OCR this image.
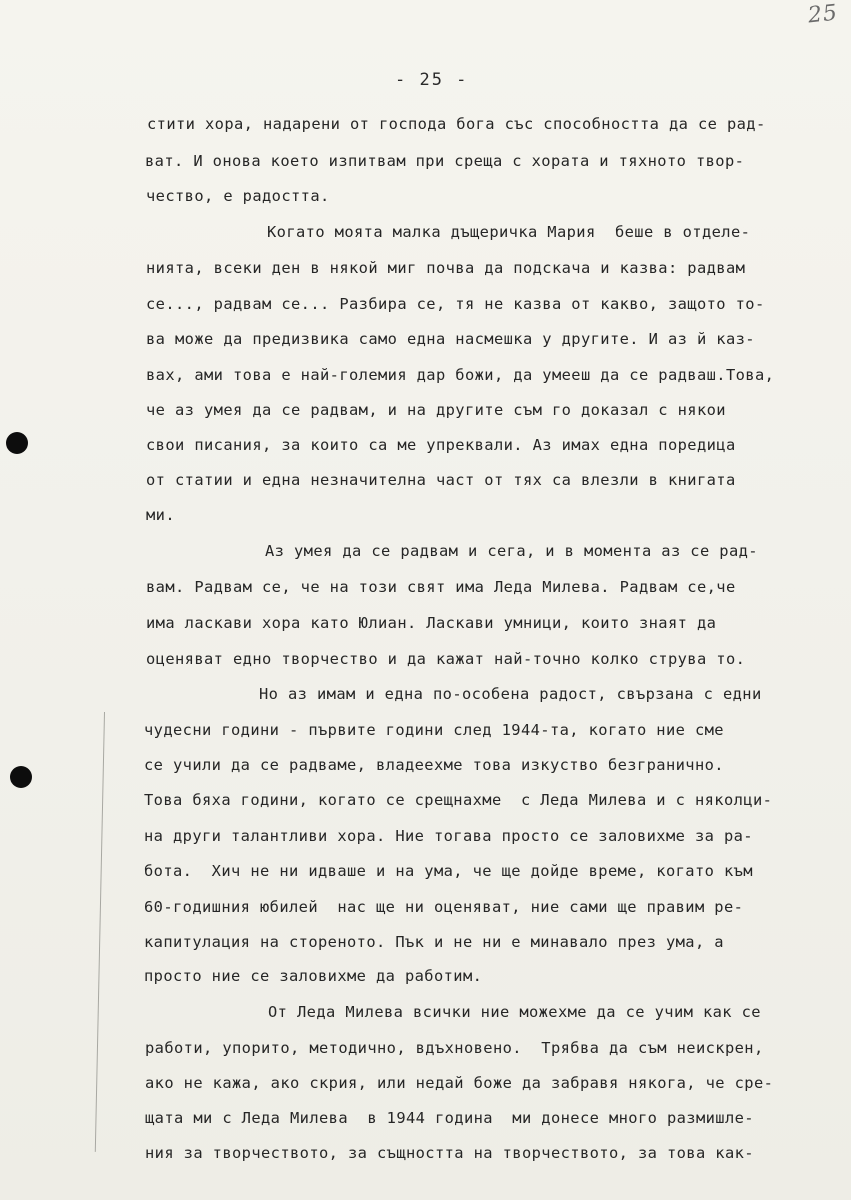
25
- 25 -
стити хора, надарени от господа бога със способността да се рад-
ват. И онова което изпитвам при среща с хората и тяхното твор-
чество, е радостта.
Когато моята малка дъщеричка Мария  беше в отделе-
нията, всеки ден в някой миг почва да подскача и казва: радвам
се..., радвам се... Разбира се, тя не казва от какво, защото то-
ва може да предизвика само една насмешка у другите. И аз й каз-
вах, ами това е най-големия дар божи, да умееш да се радваш.Това,
че аз умея да се радвам, и на другите съм го доказал с някои
свои писания, за които са ме упреквали. Аз имах една поредица
от статии и една незначителна част от тях са влезли в книгата
ми.
Аз умея да се радвам и сега, и в момента аз се рад-
вам. Радвам се, че на този свят има Леда Милева. Радвам се,че
има ласкави хора като Юлиан. Ласкави умници, които знаят да
оценяват едно творчество и да кажат най-точно колко струва то.
Но аз имам и една по-особена радост, свързана с едни
чудесни години - първите години след 1944-та, когато ние сме
се учили да се радваме, владеехме това изкуство безгранично.
Това бяха години, когато се срещнахме  с Леда Милева и с няколци-
на други талантливи хора. Ние тогава просто се заловихме за ра-
бота.  Хич не ни идваше и на ума, че ще дойде време, когато към
60-годишния юбилей  нас ще ни оценяват, ние сами ще правим ре-
капитулация на стореното. Пък и не ни е минавало през ума, а
просто ние се заловихме да работим.
От Леда Милева всички ние можехме да се учим как се
работи, упорито, методично, вдъхновено.  Трябва да съм неискрен,
ако не кажа, ако скрия, или недай боже да забравя някога, че сре-
щата ми с Леда Милева  в 1944 година  ми донесе много размишле-
ния за творчеството, за същността на творчеството, за това как-
